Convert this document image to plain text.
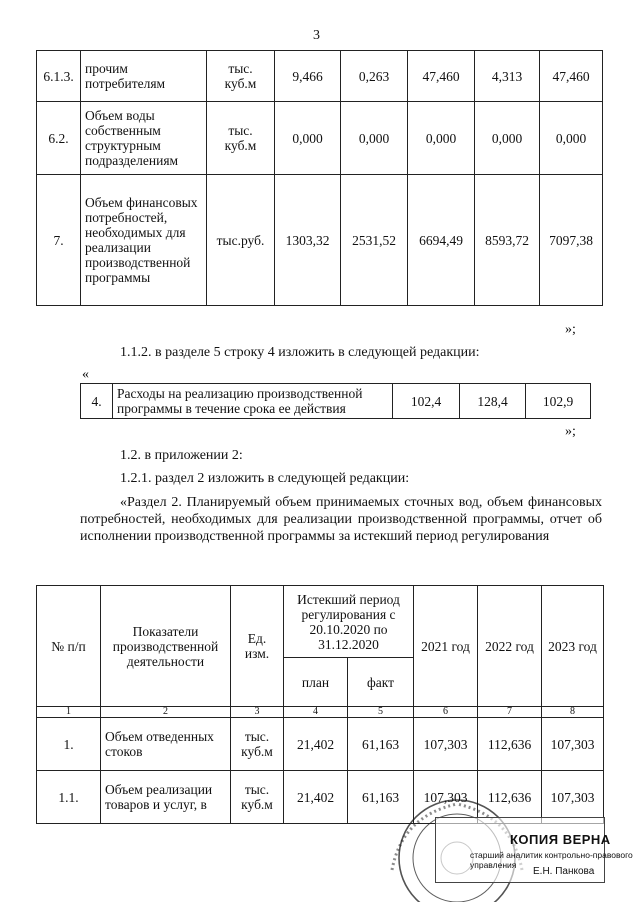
3
6.1.3.	прочим потребителям	тыс. куб.м	9,466	0,263	47,460	4,313	47,460
6.2.	Объем воды собственным структурным подразделениям	тыс. куб.м	0,000	0,000	0,000	0,000	0,000
7.	Объем финансовых потребностей, необходимых для реализации производственной программы	тыс.руб.	1303,32	2531,52	6694,49	8593,72	7097,38
»;
1.1.2. в разделе 5 строку 4 изложить в следующей редакции:
«
4.	Расходы на реализацию производственной программы в течение срока ее действия	102,4	128,4	102,9
»;
1.2. в приложении 2:
1.2.1. раздел 2 изложить в следующей редакции:
«Раздел 2. Планируемый объем принимаемых сточных вод, объем финансовых потребностей, необходимых для реализации производственной программы, отчет об исполнении производственной программы за истекший период регулирования
№ п/п	Показатели производственной деятельности	Ед. изм.	Истекший период регулирования с 20.10.2020 по 31.12.2020		2021 год	2022 год	2023 год
			план	факт			
1	2	3	4	5	6	7	8
1.	Объем отведенных стоков	тыс. куб.м	21,402	61,163	107,303	112,636	107,303
1.1.	Объем реализации товаров и услуг, в	тыс. куб.м	21,402	61,163	107,303	112,636	107,303
КОПИЯ ВЕРНА
старший аналитик контрольно-правового управления
Е.Н. Панкова
